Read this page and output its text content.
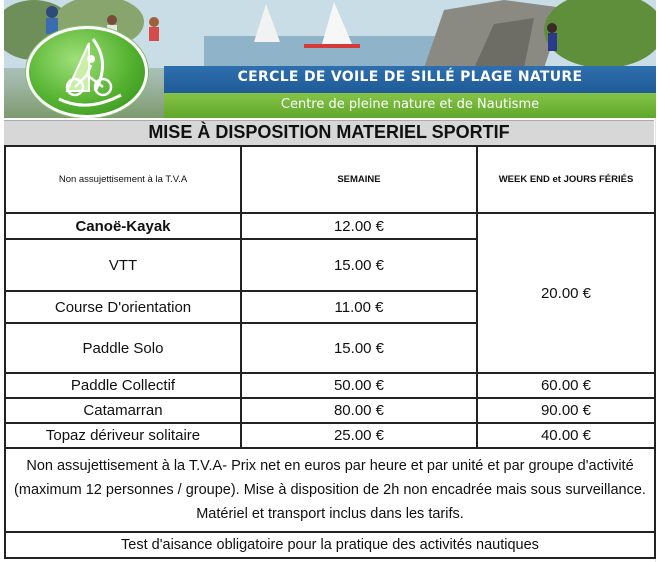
CERCLE DE VOILE DE SILLÉ PLAGE NATURE
Centre de pleine nature et de Nautisme
MISE À DISPOSITION MATERIEL SPORTIF
Non assujettisement à la T.V.A	SEMAINE	WEEK END et JOURS FÉRIÉS
Canoë-Kayak	12.00 €	20.00 €
VTT	15.00 €	
Course D'orientation	11.00 €	
Paddle Solo	15.00 €	
Paddle Collectif	50.00 €	60.00 €
Catamarran	80.00 €	90.00 €
Topaz dériveur solitaire	25.00 €	40.00 €
Non assujettisement à la T.V.A- Prix net en euros par heure et par unité et par groupe d'activité (maximum 12 personnes / groupe). Mise à disposition de 2h non encadrée mais sous surveillance. Matériel et transport inclus dans les tarifs.		
Test d'aisance obligatoire pour la pratique des activités nautiques		
